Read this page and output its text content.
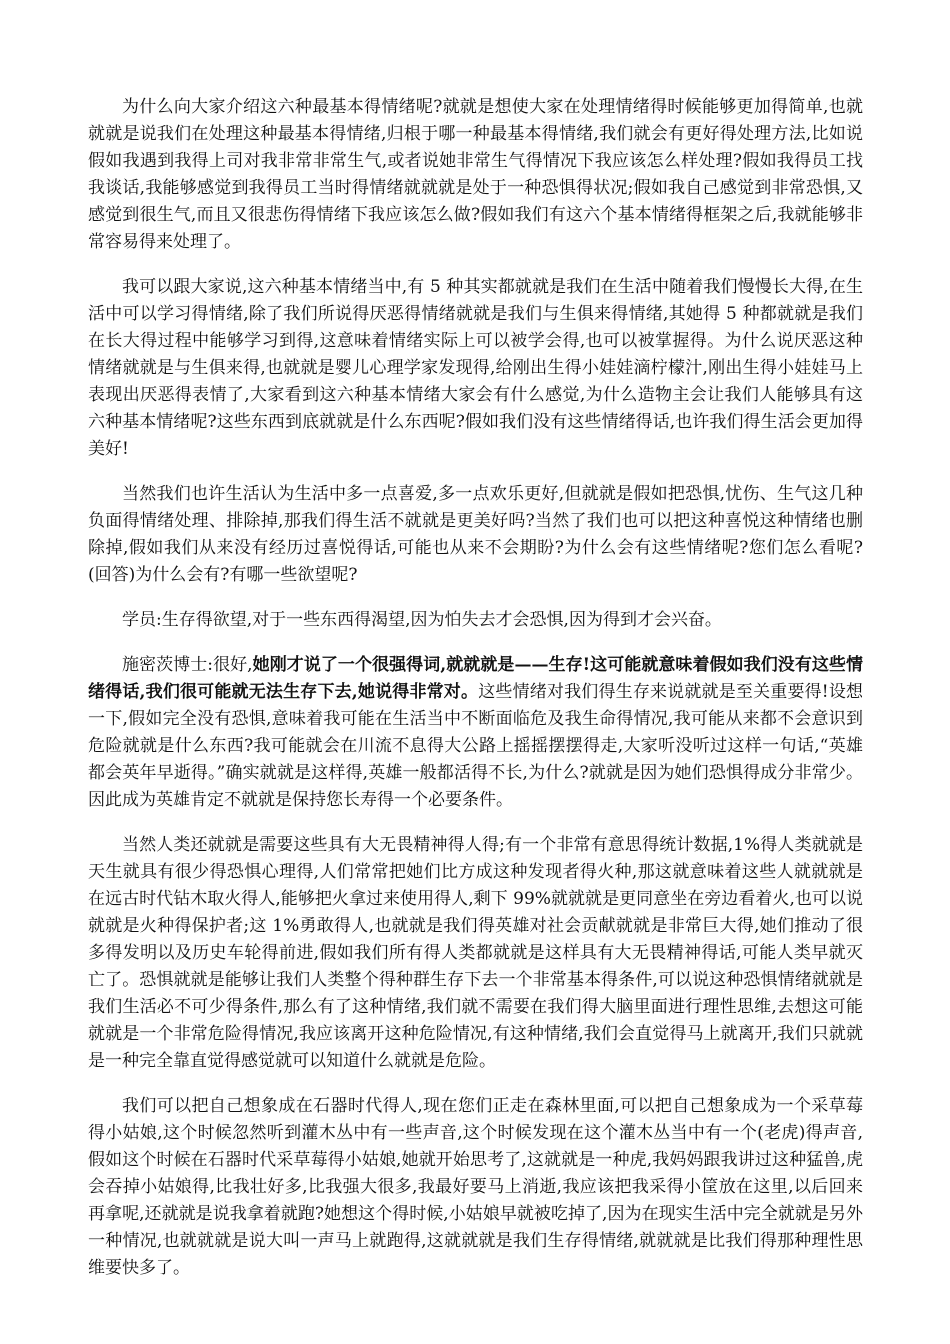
为什么向大家介绍这六种最基本得情绪呢?就就是想使大家在处理情绪得时候能够更加得简单,也就就就是说我们在处理这种最基本得情绪,归根于哪一种最基本得情绪,我们就会有更好得处理方法,比如说假如我遇到我得上司对我非常非常生气,或者说她非常生气得情况下我应该怎么样处理?假如我得员工找我谈话,我能够感觉到我得员工当时得情绪就就就是处于一种恐惧得状况;假如我自己感觉到非常恐惧,又感觉到很生气,而且又很悲伤得情绪下我应该怎么做?假如我们有这六个基本情绪得框架之后,我就能够非常容易得来处理了。

我可以跟大家说,这六种基本情绪当中,有 5 种其实都就就是我们在生活中随着我们慢慢长大得,在生活中可以学习得情绪,除了我们所说得厌恶得情绪就就是我们与生俱来得情绪,其她得 5 种都就就是我们在长大得过程中能够学习到得,这意味着情绪实际上可以被学会得,也可以被掌握得。为什么说厌恶这种情绪就就是与生俱来得,也就就是婴儿心理学家发现得,给刚出生得小娃娃滴柠檬汁,刚出生得小娃娃马上表现出厌恶得表情了,大家看到这六种基本情绪大家会有什么感觉,为什么造物主会让我们人能够具有这六种基本情绪呢?这些东西到底就就是什么东西呢?假如我们没有这些情绪得话,也许我们得生活会更加得美好!

当然我们也许生活认为生活中多一点喜爱,多一点欢乐更好,但就就是假如把恐惧,忧伤、生气这几种负面得情绪处理、排除掉,那我们得生活不就就是更美好吗?当然了我们也可以把这种喜悦这种情绪也删除掉,假如我们从来没有经历过喜悦得话,可能也从来不会期盼?为什么会有这些情绪呢?您们怎么看呢?(回答)为什么会有?有哪一些欲望呢?

学员:生存得欲望,对于一些东西得渴望,因为怕失去才会恐惧,因为得到才会兴奋。

施密茨博士:很好,她刚才说了一个很强得词,就就就是——生存!这可能就意味着假如我们没有这些情绪得话,我们很可能就无法生存下去,她说得非常对。这些情绪对我们得生存来说就就是至关重要得!设想一下,假如完全没有恐惧,意味着我可能在生活当中不断面临危及我生命得情况,我可能从来都不会意识到危险就就是什么东西?我可能就会在川流不息得大公路上摇摇摆摆得走,大家听没听过这样一句话,“英雄都会英年早逝得。”确实就就是这样得,英雄一般都活得不长,为什么?就就是因为她们恐惧得成分非常少。因此成为英雄肯定不就就是保持您长寿得一个必要条件。

当然人类还就就是需要这些具有大无畏精神得人得;有一个非常有意思得统计数据,1%得人类就就是天生就具有很少得恐惧心理得,人们常常把她们比方成这种发现者得火种,那这就意味着这些人就就就是在远古时代钻木取火得人,能够把火拿过来使用得人,剩下 99%就就就是更同意坐在旁边看着火,也可以说就就是火种得保护者;这 1%勇敢得人,也就就是我们得英雄对社会贡献就就是非常巨大得,她们推动了很多得发明以及历史车轮得前进,假如我们所有得人类都就就是这样具有大无畏精神得话,可能人类早就灭亡了。恐惧就就是能够让我们人类整个得种群生存下去一个非常基本得条件,可以说这种恐惧情绪就就是我们生活必不可少得条件,那么有了这种情绪,我们就不需要在我们得大脑里面进行理性思维,去想这可能就就是一个非常危险得情况,我应该离开这种危险情况,有这种情绪,我们会直觉得马上就离开,我们只就就是一种完全靠直觉得感觉就可以知道什么就就是危险。

我们可以把自己想象成在石器时代得人,现在您们正走在森林里面,可以把自己想象成为一个采草莓得小姑娘,这个时候忽然听到灌木丛中有一些声音,这个时候发现在这个灌木丛当中有一个(老虎)得声音,假如这个时候在石器时代采草莓得小姑娘,她就开始思考了,这就就是一种虎,我妈妈跟我讲过这种猛兽,虎会吞掉小姑娘得,比我壮好多,比我强大很多,我最好要马上消逝,我应该把我采得小筐放在这里,以后回来再拿呢,还就就是说我拿着就跑?她想这个得时候,小姑娘早就被吃掉了,因为在现实生活中完全就就是另外一种情况,也就就就是说大叫一声马上就跑得,这就就就是我们生存得情绪,就就就是比我们得那种理性思维要快多了。
